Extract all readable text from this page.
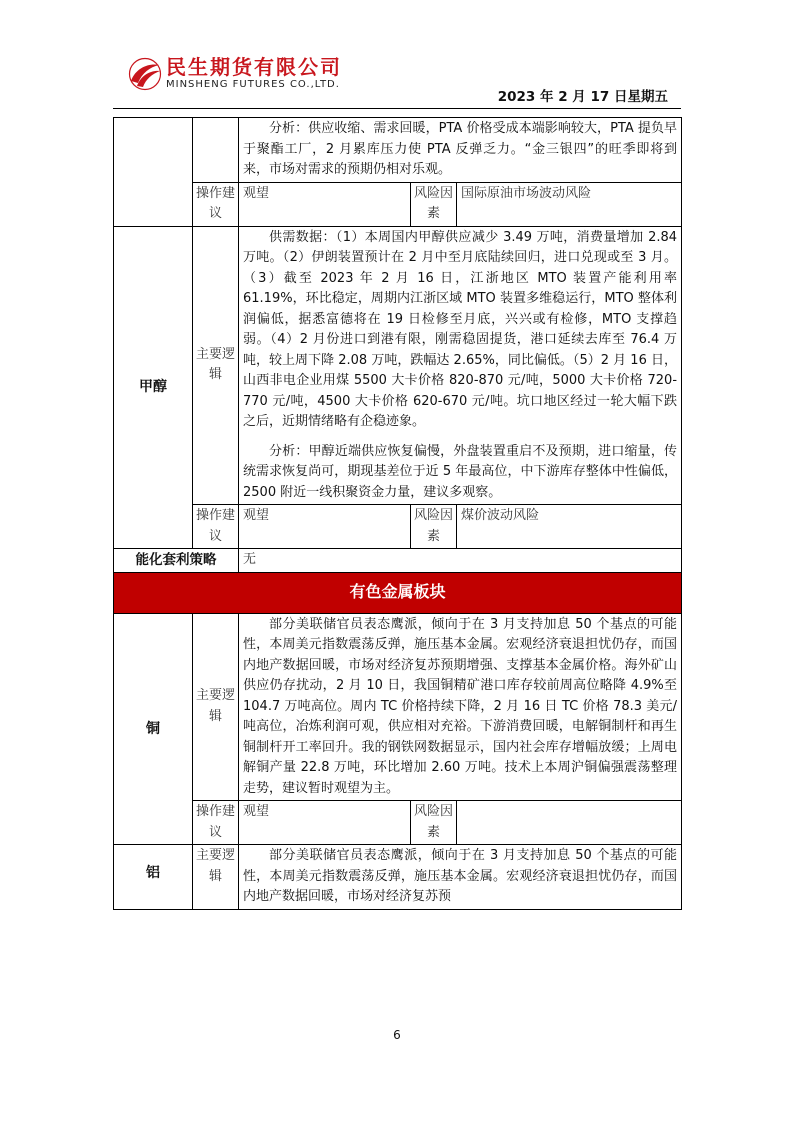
民生期货有限公司
MINSHENG FUTURES CO.,LTD.
2023 年 2 月 17 日星期五

		分析：供应收缩、需求回暖，PTA 价格受成本端影响较大，PTA 提负早于聚酯工厂，2 月累库压力使 PTA 反弹乏力。“金三银四”的旺季即将到来，市场对需求的预期仍相对乐观。		

	操作建议	观望	风险因素	国际原油市场波动风险
甲醇	主要逻辑	供需数据：（1）本周国内甲醇供应减少 3.49 万吨，消费量增加 2.84 万吨。（2）伊朗装置预计在 2 月中至月底陆续回归，进口兑现或至 3 月。（3）截至 2023 年 2 月 16 日，江浙地区 MTO 装置产能利用率 61.19%，环比稳定，周期内江浙区域 MTO 装置多维稳运行，MTO 整体利润偏低，据悉富德将在 19 日检修至月底，兴兴或有检修，MTO 支撑趋弱。（4）2 月份进口到港有限，刚需稳固提货，港口延续去库至 76.4 万吨，较上周下降 2.08 万吨，跌幅达 2.65%，同比偏低。（5）2 月 16 日，山西非电企业用煤 5500 大卡价格 820-870 元/吨，5000 大卡价格 720-770 元/吨，4500 大卡价格 620-670 元/吨。坑口地区经过一轮大幅下跌之后，近期情绪略有企稳迹象。

分析：甲醇近端供应恢复偏慢，外盘装置重启不及预期，进口缩量，传统需求恢复尚可，期现基差位于近 5 年最高位，中下游库存整体中性偏低， 2500 附近一线积聚资金力量，建议多观察。		

	操作建议	观望	风险因素	煤价波动风险
能化套利策略		无		
有色金属板块				
铜	主要逻辑	部分美联储官员表态鹰派，倾向于在 3 月支持加息 50 个基点的可能性，本周美元指数震荡反弹，施压基本金属。宏观经济衰退担忧仍存，而国内地产数据回暖，市场对经济复苏预期增强、支撑基本金属价格。海外矿山供应仍存扰动，2 月 10 日，我国铜精矿港口库存较前周高位略降 4.9%至 104.7 万吨高位。周内 TC 价格持续下降，2 月 16 日 TC 价格 78.3 美元/吨高位，冶炼利润可观，供应相对充裕。下游消费回暖，电解铜制杆和再生铜制杆开工率回升。我的钢铁网数据显示，国内社会库存增幅放缓；上周电解铜产量 22.8 万吨，环比增加 2.60 万吨。技术上本周沪铜偏强震荡整理走势，建议暂时观望为主。		

	操作建议	观望	风险因素	
铝	主要逻辑	部分美联储官员表态鹰派，倾向于在 3 月支持加息 50 个基点的可能性，本周美元指数震荡反弹，施压基本金属。宏观经济衰退担忧仍存，而国内地产数据回暖，市场对经济复苏预		

6
